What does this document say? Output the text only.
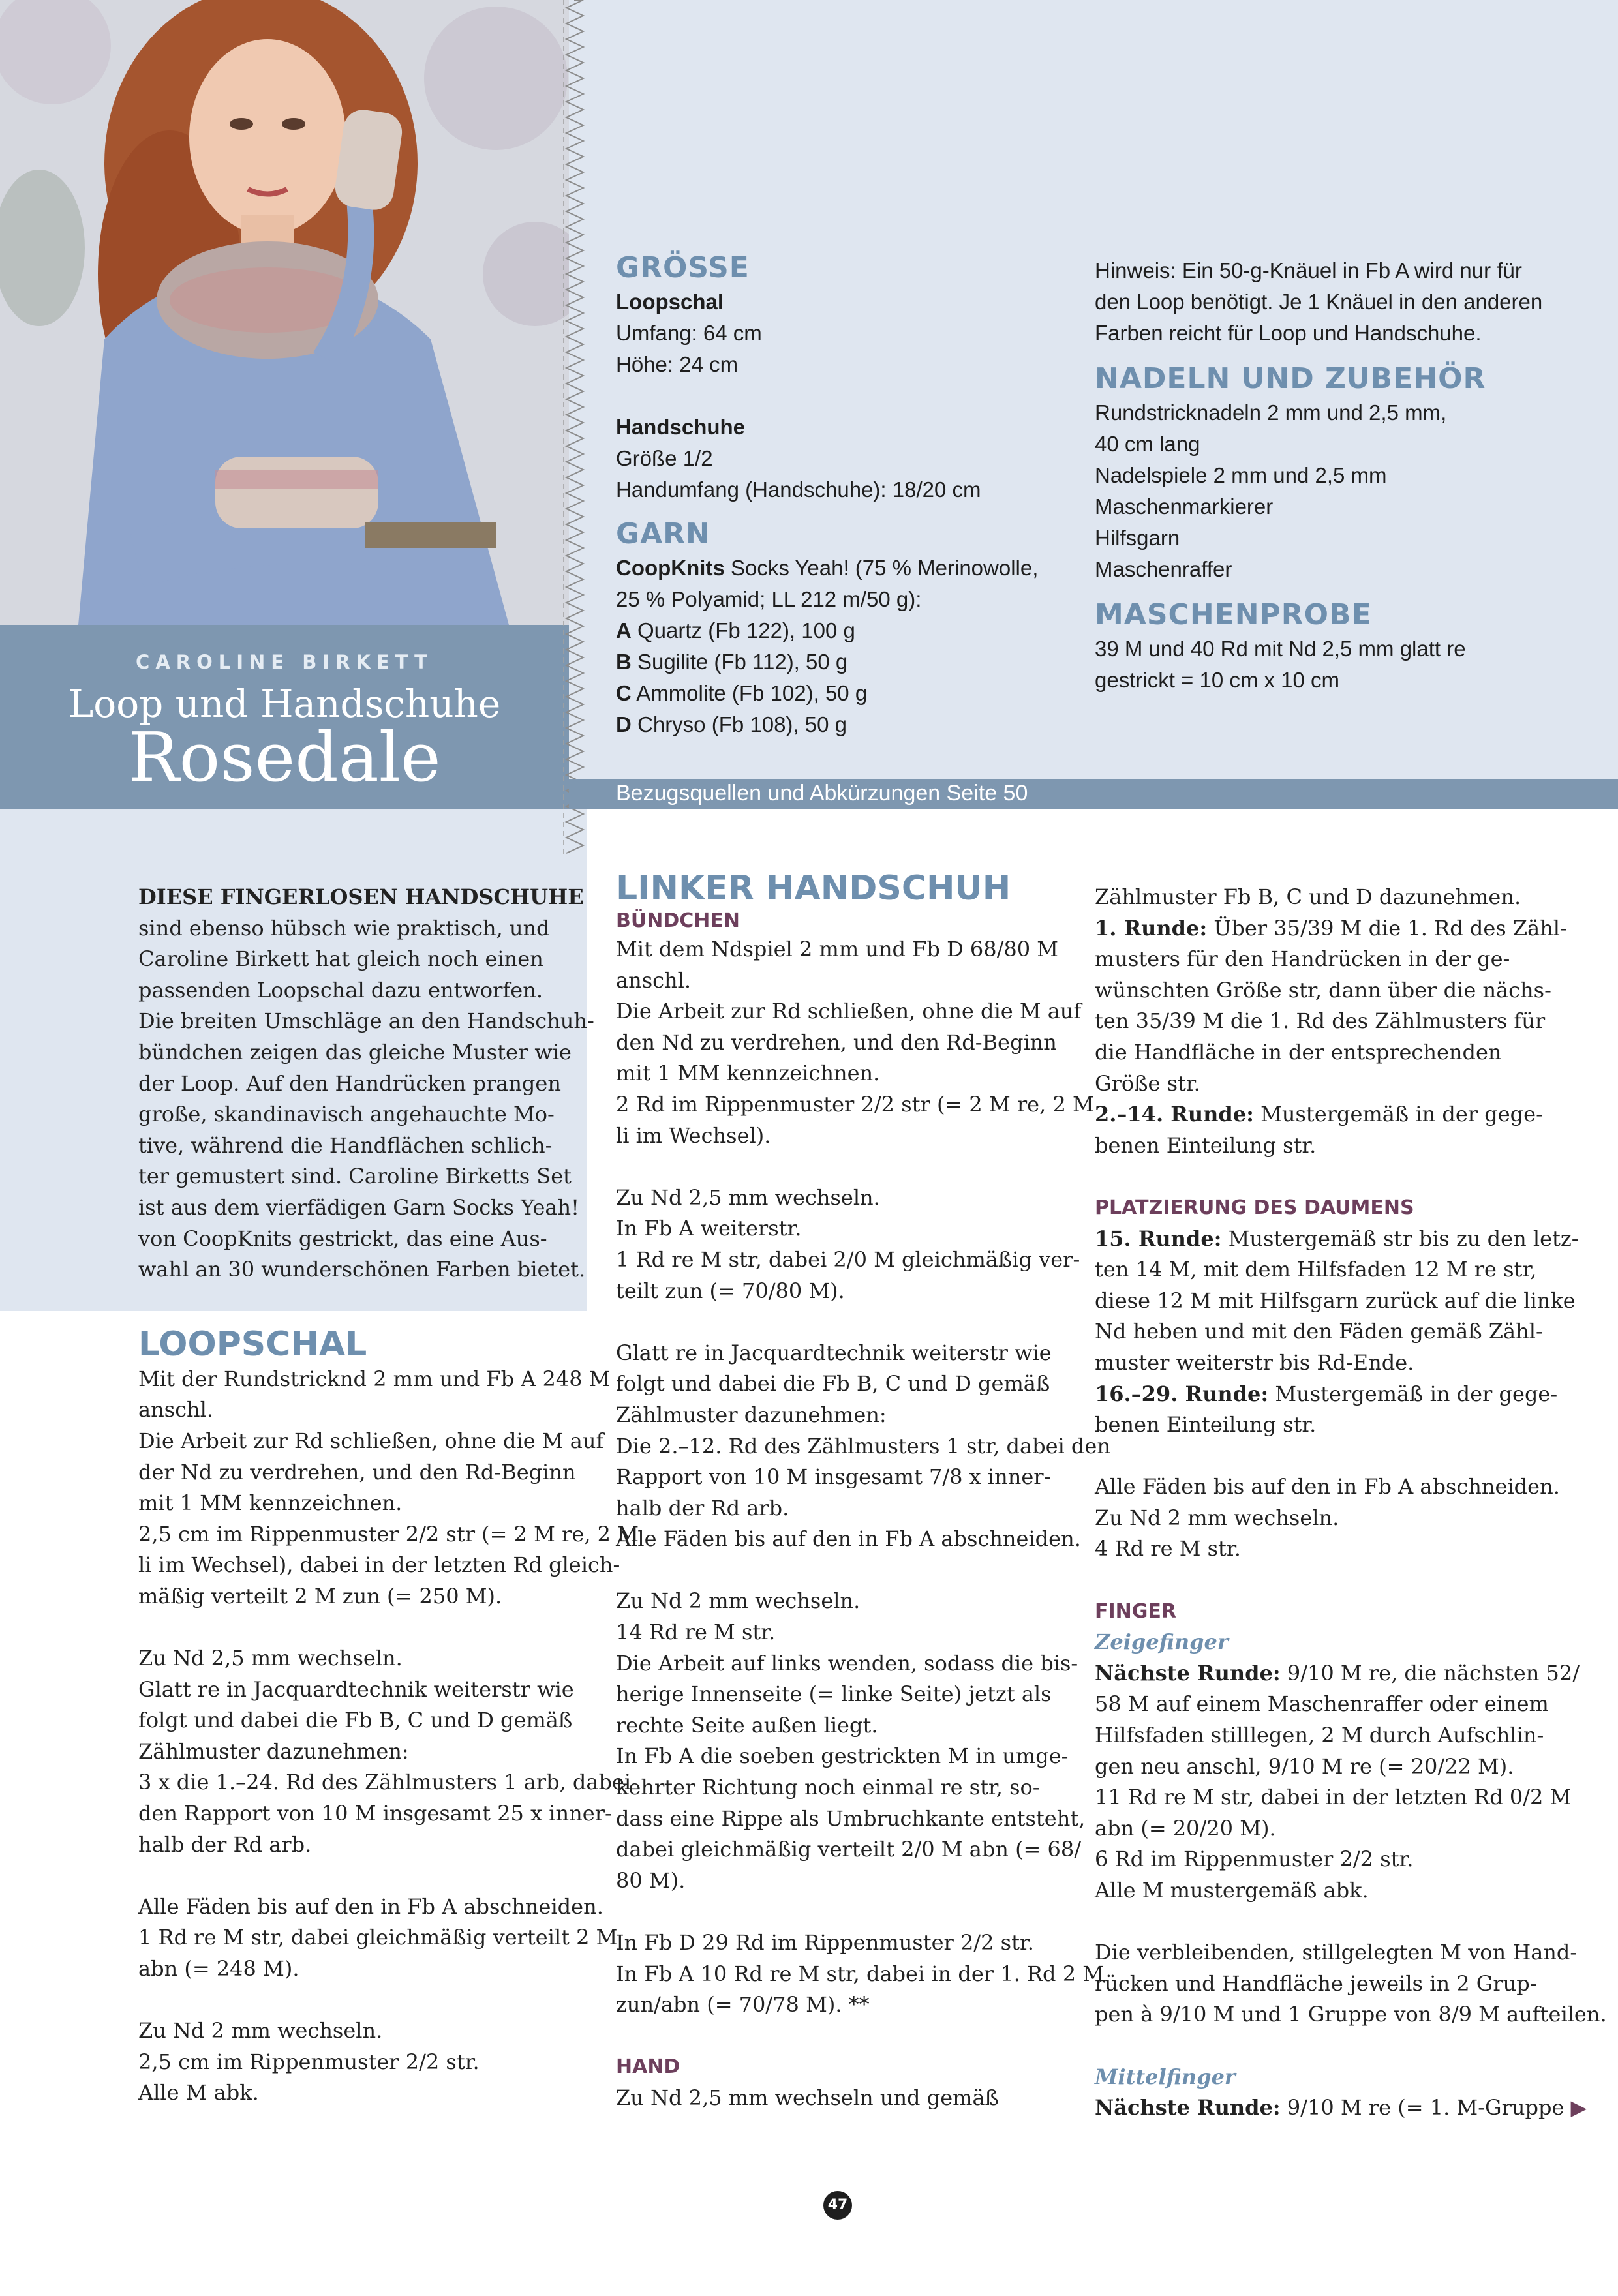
CAROLINE BIRKETT
Loop und Handschuhe
Rosedale	Bezugsquellen und Abkürzungen Seite 50
GRÖSSE
Loopschal
Umfang: 64 cm
Höhe: 24 cm
Handschuhe
Größe 1/2
Handumfang (Handschuhe): 18/20 cm
GARN
CoopKnits Socks Yeah! (75 % Merinowolle,
25 % Polyamid; LL 212 m/50 g):
A Quartz (Fb 122), 100 g
B Sugilite (Fb 112), 50 g
C Ammolite (Fb 102), 50 g
D Chryso (Fb 108), 50 g
Hinweis: Ein 50-g-Knäuel in Fb A wird nur für
den Loop benötigt. Je 1 Knäuel in den anderen
Farben reicht für Loop und Handschuhe.
NADELN UND ZUBEHÖR
Rundstricknadeln 2 mm und 2,5 mm,
40 cm lang
Nadelspiele 2 mm und 2,5 mm
Maschenmarkierer
Hilfsgarn
Maschenraffer
MASCHENPROBE
39 M und 40 Rd mit Nd 2,5 mm glatt re
gestrickt = 10 cm x 10 cm

DIESE FINGERLOSEN HANDSCHUHE

sind ebenso hübsch wie praktisch, und

Caroline Birkett hat gleich noch einen

passenden Loopschal dazu entworfen.

Die breiten Umschläge an den Handschuh-

bündchen zeigen das gleiche Muster wie

der Loop. Auf den Handrücken prangen

große, skandinavisch angehauchte Mo-

tive, während die Handflächen schlich-

ter gemustert sind. Caroline Birketts Set

ist aus dem vierfädigen Garn Socks Yeah!

von CoopKnits gestrickt, das eine Aus-

wahl an 30 wunderschönen Farben bietet.

LOOPSCHAL

Mit der Rundstricknd 2 mm und Fb A 248 M

anschl.

Die Arbeit zur Rd schließen, ohne die M auf

der Nd zu verdrehen, und den Rd-Beginn

mit 1 MM kennzeichnen.

2,5 cm im Rippenmuster 2/2 str (= 2 M re, 2 M

li im Wechsel), dabei in der letzten Rd gleich-

mäßig verteilt 2 M zun (= 250 M).

Zu Nd 2,5 mm wechseln.

Glatt re in Jacquardtechnik weiterstr wie

folgt und dabei die Fb B, C und D gemäß

Zählmuster dazunehmen:

3 x die 1.–24. Rd des Zählmusters 1 arb, dabei

den Rapport von 10 M insgesamt 25 x inner-

halb der Rd arb.

Alle Fäden bis auf den in Fb A abschneiden.

1 Rd re M str, dabei gleichmäßig verteilt 2 M

abn (= 248 M).

Zu Nd 2 mm wechseln.

2,5 cm im Rippenmuster 2/2 str.

Alle M abk.

LINKER HANDSCHUH
BÜNDCHEN

Mit dem Ndspiel 2 mm und Fb D 68/80 M

anschl.

Die Arbeit zur Rd schließen, ohne die M auf

den Nd zu verdrehen, und den Rd-Beginn

mit 1 MM kennzeichnen.

2 Rd im Rippenmuster 2/2 str (= 2 M re, 2 M

li im Wechsel).

Zu Nd 2,5 mm wechseln.

In Fb A weiterstr.

1 Rd re M str, dabei 2/0 M gleichmäßig ver-

teilt zun (= 70/80 M).

Glatt re in Jacquardtechnik weiterstr wie

folgt und dabei die Fb B, C und D gemäß

Zählmuster dazunehmen:

Die 2.–12. Rd des Zählmusters 1 str, dabei den

Rapport von 10 M insgesamt 7/8 x inner-

halb der Rd arb.

Alle Fäden bis auf den in Fb A abschneiden.

Zu Nd 2 mm wechseln.

14 Rd re M str.

Die Arbeit auf links wenden, sodass die bis-

herige Innenseite (= linke Seite) jetzt als

rechte Seite außen liegt.

In Fb A die soeben gestrickten M in umge-

kehrter Richtung noch einmal re str, so-

dass eine Rippe als Umbruchkante entsteht,

dabei gleichmäßig verteilt 2/0 M abn (= 68/

80 M).

In Fb D 29 Rd im Rippenmuster 2/2 str.

In Fb A 10 Rd re M str, dabei in der 1. Rd 2 M

zun/abn (= 70/78 M). **

HAND

Zu Nd 2,5 mm wechseln und gemäß

Zählmuster Fb B, C und D dazunehmen.

1. Runde: Über 35/39 M die 1. Rd des Zähl-

musters für den Handrücken in der ge-

wünschten Größe str, dann über die nächs-

ten 35/39 M die 1. Rd des Zählmusters für

die Handfläche in der entsprechenden

Größe str.

2.–14. Runde: Mustergemäß in der gege-

benen Einteilung str.

PLATZIERUNG DES DAUMENS

15. Runde: Mustergemäß str bis zu den letz-

ten 14 M, mit dem Hilfsfaden 12 M re str,

diese 12 M mit Hilfsgarn zurück auf die linke

Nd heben und mit den Fäden gemäß Zähl-

muster weiterstr bis Rd-Ende.

16.–29. Runde: Mustergemäß in der gege-

benen Einteilung str.

Alle Fäden bis auf den in Fb A abschneiden.

Zu Nd 2 mm wechseln.

4 Rd re M str.

FINGER

Zeigefinger

Nächste Runde: 9/10 M re, die nächsten 52/

58 M auf einem Maschenraffer oder einem

Hilfsfaden stilllegen, 2 M durch Aufschlin-

gen neu anschl, 9/10 M re (= 20/22 M).

11 Rd re M str, dabei in der letzten Rd 0/2 M

abn (= 20/20 M).

6 Rd im Rippenmuster 2/2 str.

Alle M mustergemäß abk.

Die verbleibenden, stillgelegten M von Hand-

rücken und Handfläche jeweils in 2 Grup-

pen à 9/10 M und 1 Gruppe von 8/9 M aufteilen.

Mittelfinger

Nächste Runde: 9/10 M re (= 1. M-Gruppe ▶

47
